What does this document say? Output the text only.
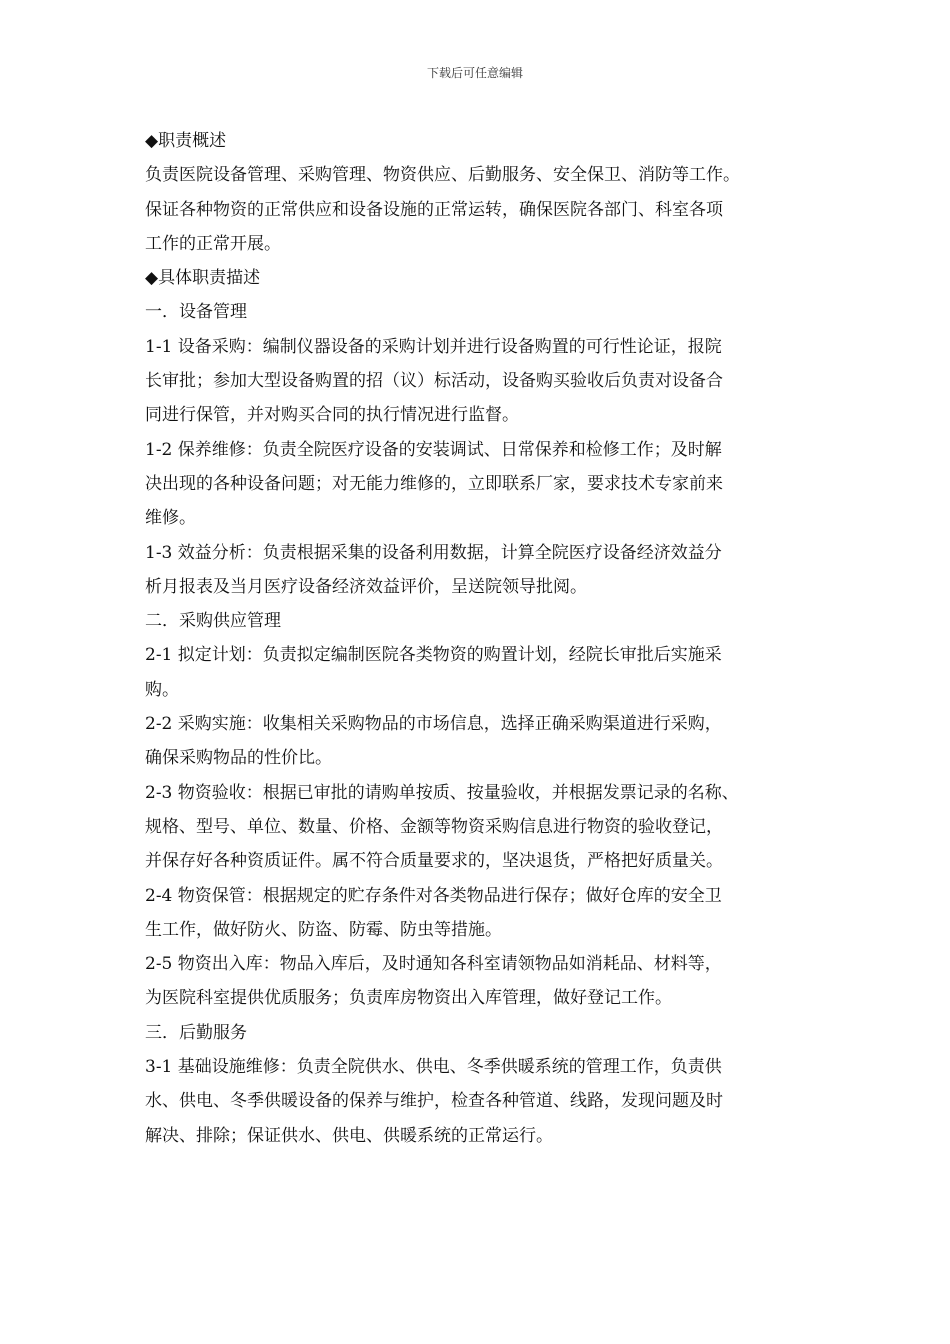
下载后可任意编辑

◆职责概述

负责医院设备管理、采购管理、物资供应、后勤服务、安全保卫、消防等工作。

保证各种物资的正常供应和设备设施的正常运转，确保医院各部门、科室各项

工作的正常开展。

◆具体职责描述

一．设备管理

1-1 设备采购：编制仪器设备的采购计划并进行设备购置的可行性论证，报院

长审批；参加大型设备购置的招（议）标活动，设备购买验收后负责对设备合

同进行保管，并对购买合同的执行情况进行监督。

1-2 保养维修：负责全院医疗设备的安装调试、日常保养和检修工作；及时解

决出现的各种设备问题；对无能力维修的，立即联系厂家，要求技术专家前来

维修。

1-3 效益分析：负责根据采集的设备利用数据，计算全院医疗设备经济效益分

析月报表及当月医疗设备经济效益评价，呈送院领导批阅。

二．采购供应管理

2-1 拟定计划：负责拟定编制医院各类物资的购置计划，经院长审批后实施采

购。

2-2 采购实施：收集相关采购物品的市场信息，选择正确采购渠道进行采购，

确保采购物品的性价比。

2-3 物资验收：根据已审批的请购单按质、按量验收，并根据发票记录的名称、

规格、型号、单位、数量、价格、金额等物资采购信息进行物资的验收登记，

并保存好各种资质证件。属不符合质量要求的，坚决退货，严格把好质量关。

2-4 物资保管：根据规定的贮存条件对各类物品进行保存；做好仓库的安全卫

生工作，做好防火、防盗、防霉、防虫等措施。

2-5 物资出入库：物品入库后，及时通知各科室请领物品如消耗品、材料等，

为医院科室提供优质服务；负责库房物资出入库管理，做好登记工作。

三．后勤服务

3-1 基础设施维修：负责全院供水、供电、冬季供暖系统的管理工作，负责供

水、供电、冬季供暖设备的保养与维护，检查各种管道、线路，发现问题及时

解决、排除；保证供水、供电、供暖系统的正常运行。
